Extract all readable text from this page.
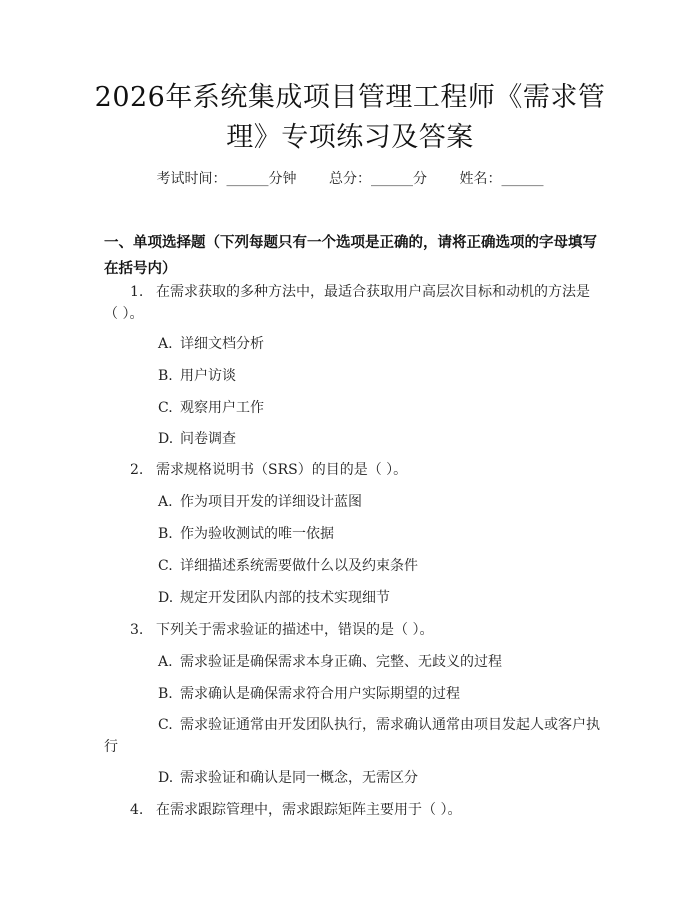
2026年系统集成项目管理工程师《需求管
理》专项练习及答案
考试时间：______分钟 总分：______分 姓名：______
一、单项选择题（下列每题只有一个选项是正确的，请将正确选项的字母填写在括号内）
1. 在需求获取的多种方法中，最适合获取用户高层次目标和动机的方法是
（ ）。
A. 详细文档分析
B. 用户访谈
C. 观察用户工作
D. 问卷调查
2. 需求规格说明书（SRS）的目的是（ ）。
A. 作为项目开发的详细设计蓝图
B. 作为验收测试的唯一依据
C. 详细描述系统需要做什么以及约束条件
D. 规定开发团队内部的技术实现细节
3. 下列关于需求验证的描述中，错误的是（ ）。
A. 需求验证是确保需求本身正确、完整、无歧义的过程
B. 需求确认是确保需求符合用户实际期望的过程
C. 需求验证通常由开发团队执行，需求确认通常由项目发起人或客户执
行
D. 需求验证和确认是同一概念，无需区分
4. 在需求跟踪管理中，需求跟踪矩阵主要用于（ ）。
